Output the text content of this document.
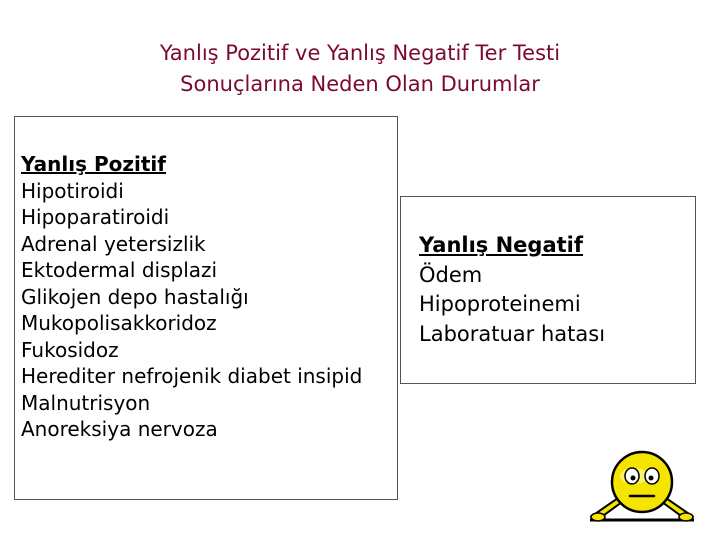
Yanlış Pozitif ve Yanlış Negatif Ter Testi
Sonuçlarına Neden Olan Durumlar
Yanlış Pozitif
Hipotiroidi
Hipoparatiroidi
Adrenal yetersizlik
Ektodermal displazi
Glikojen depo hastalığı
Mukopolisakkoridoz
Fukosidoz
Herediter nefrojenik diabet insipid
Malnutrisyon
Anoreksiya nervoza
Yanlış Negatif
Ödem
Hipoproteinemi
Laboratuar hatası
